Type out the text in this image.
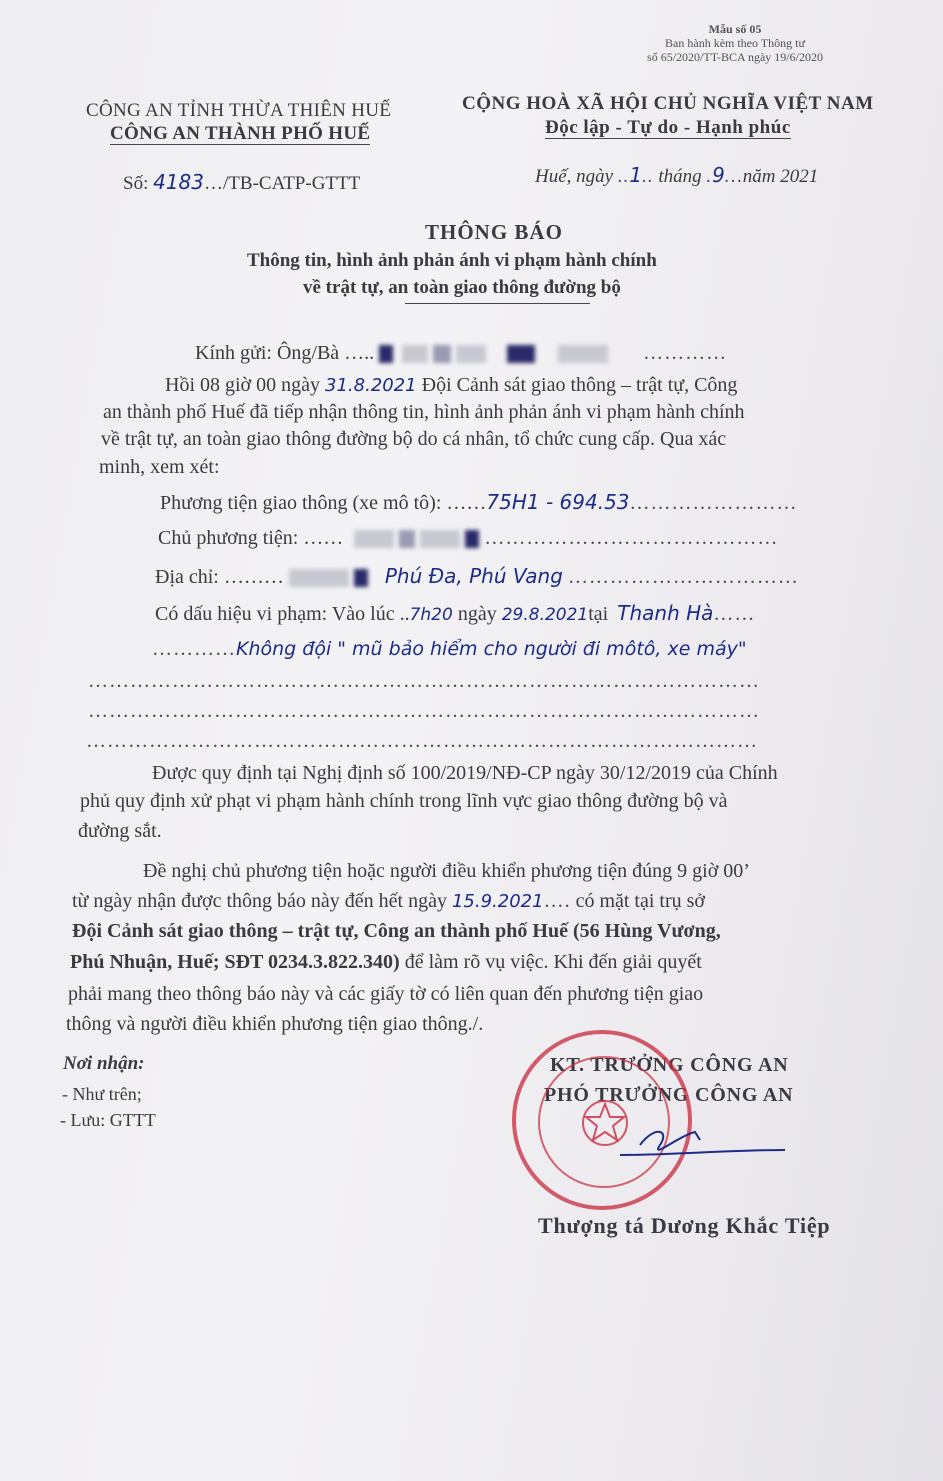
Mẫu số 05
Ban hành kèm theo Thông tư
số 65/2020/TT-BCA ngày 19/6/2020
CÔNG AN TỈNH THỪA THIÊN HUẾ
CÔNG AN THÀNH PHỐ HUẾ
Số: 4183…/TB-CATP-GTTT
CỘNG HOÀ XÃ HỘI CHỦ NGHĨA VIỆT NAM
Độc lập - Tự do - Hạnh phúc
Huế, ngày ..1.. tháng .9…năm 2021
THÔNG BÁO
Thông tin, hình ảnh phản ánh vi phạm hành chính
về trật tự, an toàn giao thông đường bộ
Kính gửi: Ông/Bà …..	…………
Hồi 08 giờ 00 ngày 31.8.2021 Đội Cảnh sát giao thông – trật tự, Công
an thành phố Huế đã tiếp nhận thông tin, hình ảnh phản ánh vi phạm hành chính
về trật tự, an toàn giao thông đường bộ do cá nhân, tổ chức cung cấp. Qua xác
minh, xem xét:
Phương tiện giao thông (xe mô tô): ……75H1 - 694.53……………………
Chủ phương tiện: ……	……………………………………
Địa chỉ: ………	Phú Đa, Phú Vang ……………………………
Có dấu hiệu vi phạm: Vào lúc ..7h20 ngày 29.8.2021tại Thanh Hà……
…………Không đội " mũ bảo hiểm cho người đi môtô, xe máy"
……………………………………………………………………………………
……………………………………………………………………………………
……………………………………………………………………………………
Được quy định tại Nghị định số 100/2019/NĐ-CP ngày 30/12/2019 của Chính
phủ quy định xử phạt vi phạm hành chính trong lĩnh vực giao thông đường bộ và
đường sắt.
Đề nghị chủ phương tiện hoặc người điều khiển phương tiện đúng 9 giờ 00’
từ ngày nhận được thông báo này đến hết ngày 15.9.2021…. có mặt tại trụ sở
Đội Cảnh sát giao thông – trật tự, Công an thành phố Huế (56 Hùng Vương,
Phú Nhuận, Huế; SĐT 0234.3.822.340) để làm rõ vụ việc. Khi đến giải quyết
phải mang theo thông báo này và các giấy tờ có liên quan đến phương tiện giao
thông và người điều khiển phương tiện giao thông./.
Nơi nhận:
- Như trên;
- Lưu: GTTT
KT. TRƯỞNG CÔNG AN
PHÓ TRƯỞNG CÔNG AN
Thượng tá Dương Khắc Tiệp
